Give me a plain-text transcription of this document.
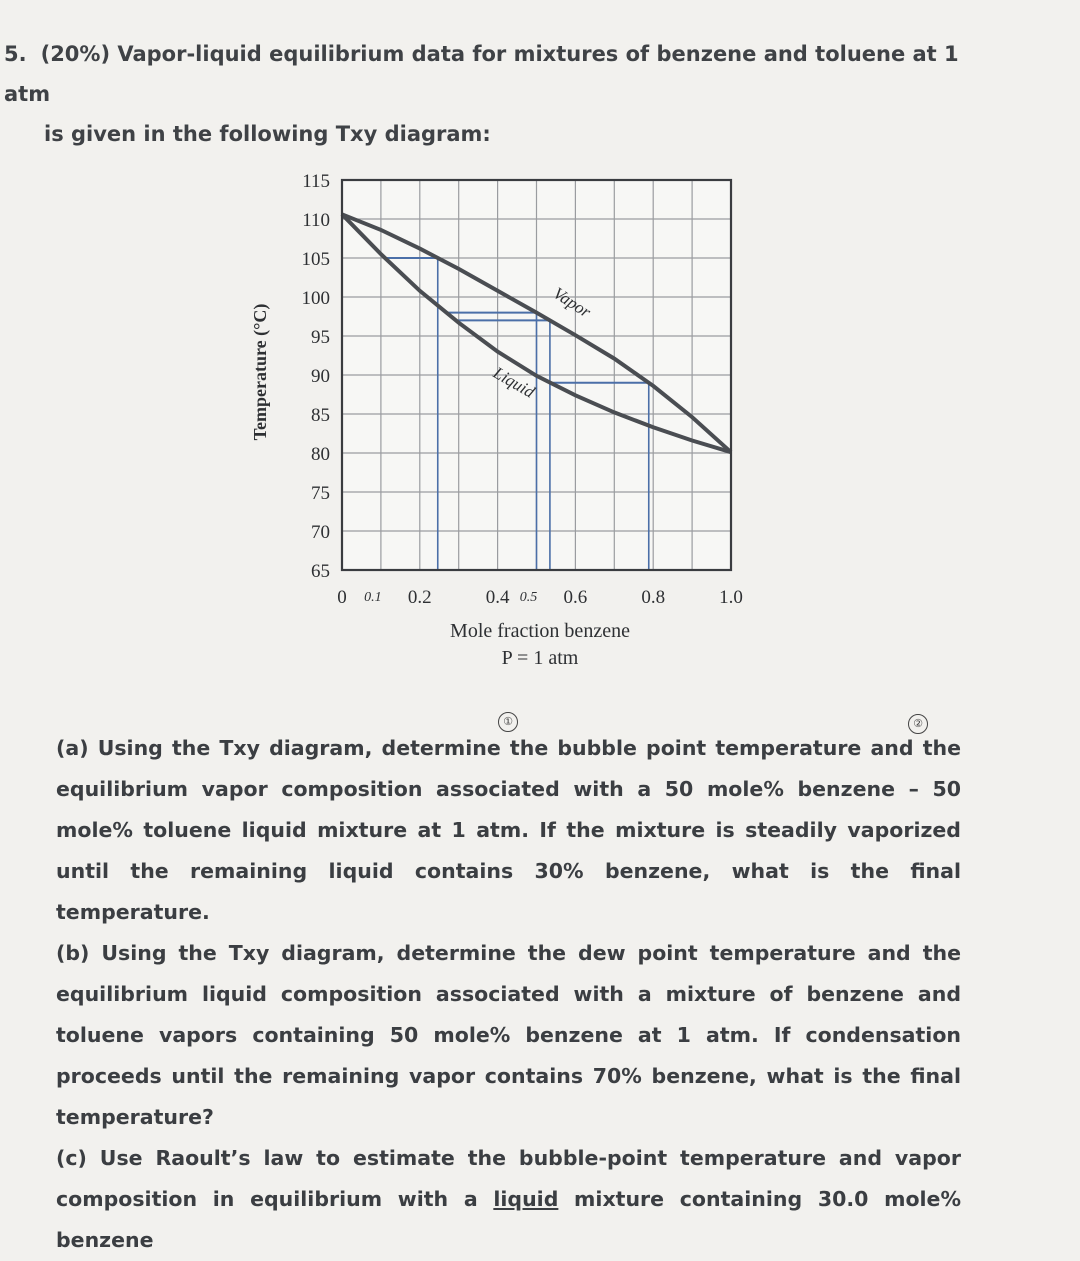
5. (20%) Vapor-liquid equilibrium data for mixtures of benzene and toluene at 1 atm
is given in the following Txy diagram:
115
110
105
100
95
90
85
80
75
70
65
0	0.2	0.4	0.6	0.8	1.0
0.1	0.5
Vapor
Liquid
Temperature (°C)
Mole fraction benzene
P = 1 atm

(a) Using the Txy diagram, determine the bubble point temperature and the equilibrium vapor composition associated with a 50 mole% benzene – 50 mole% toluene liquid mixture at 1 atm. If the mixture is steadily vaporized until the remaining liquid contains 30% benzene, what is the final temperature.

(b) Using the Txy diagram, determine the dew point temperature and the equilibrium liquid composition associated with a mixture of benzene and toluene vapors containing 50 mole% benzene at 1 atm. If condensation proceeds until the remaining vapor contains 70% benzene, what is the final temperature?

(c) Use Raoult’s law to estimate the bubble-point temperature and vapor composition in equilibrium with a liquid mixture containing 30.0 mole% benzene

①	②
